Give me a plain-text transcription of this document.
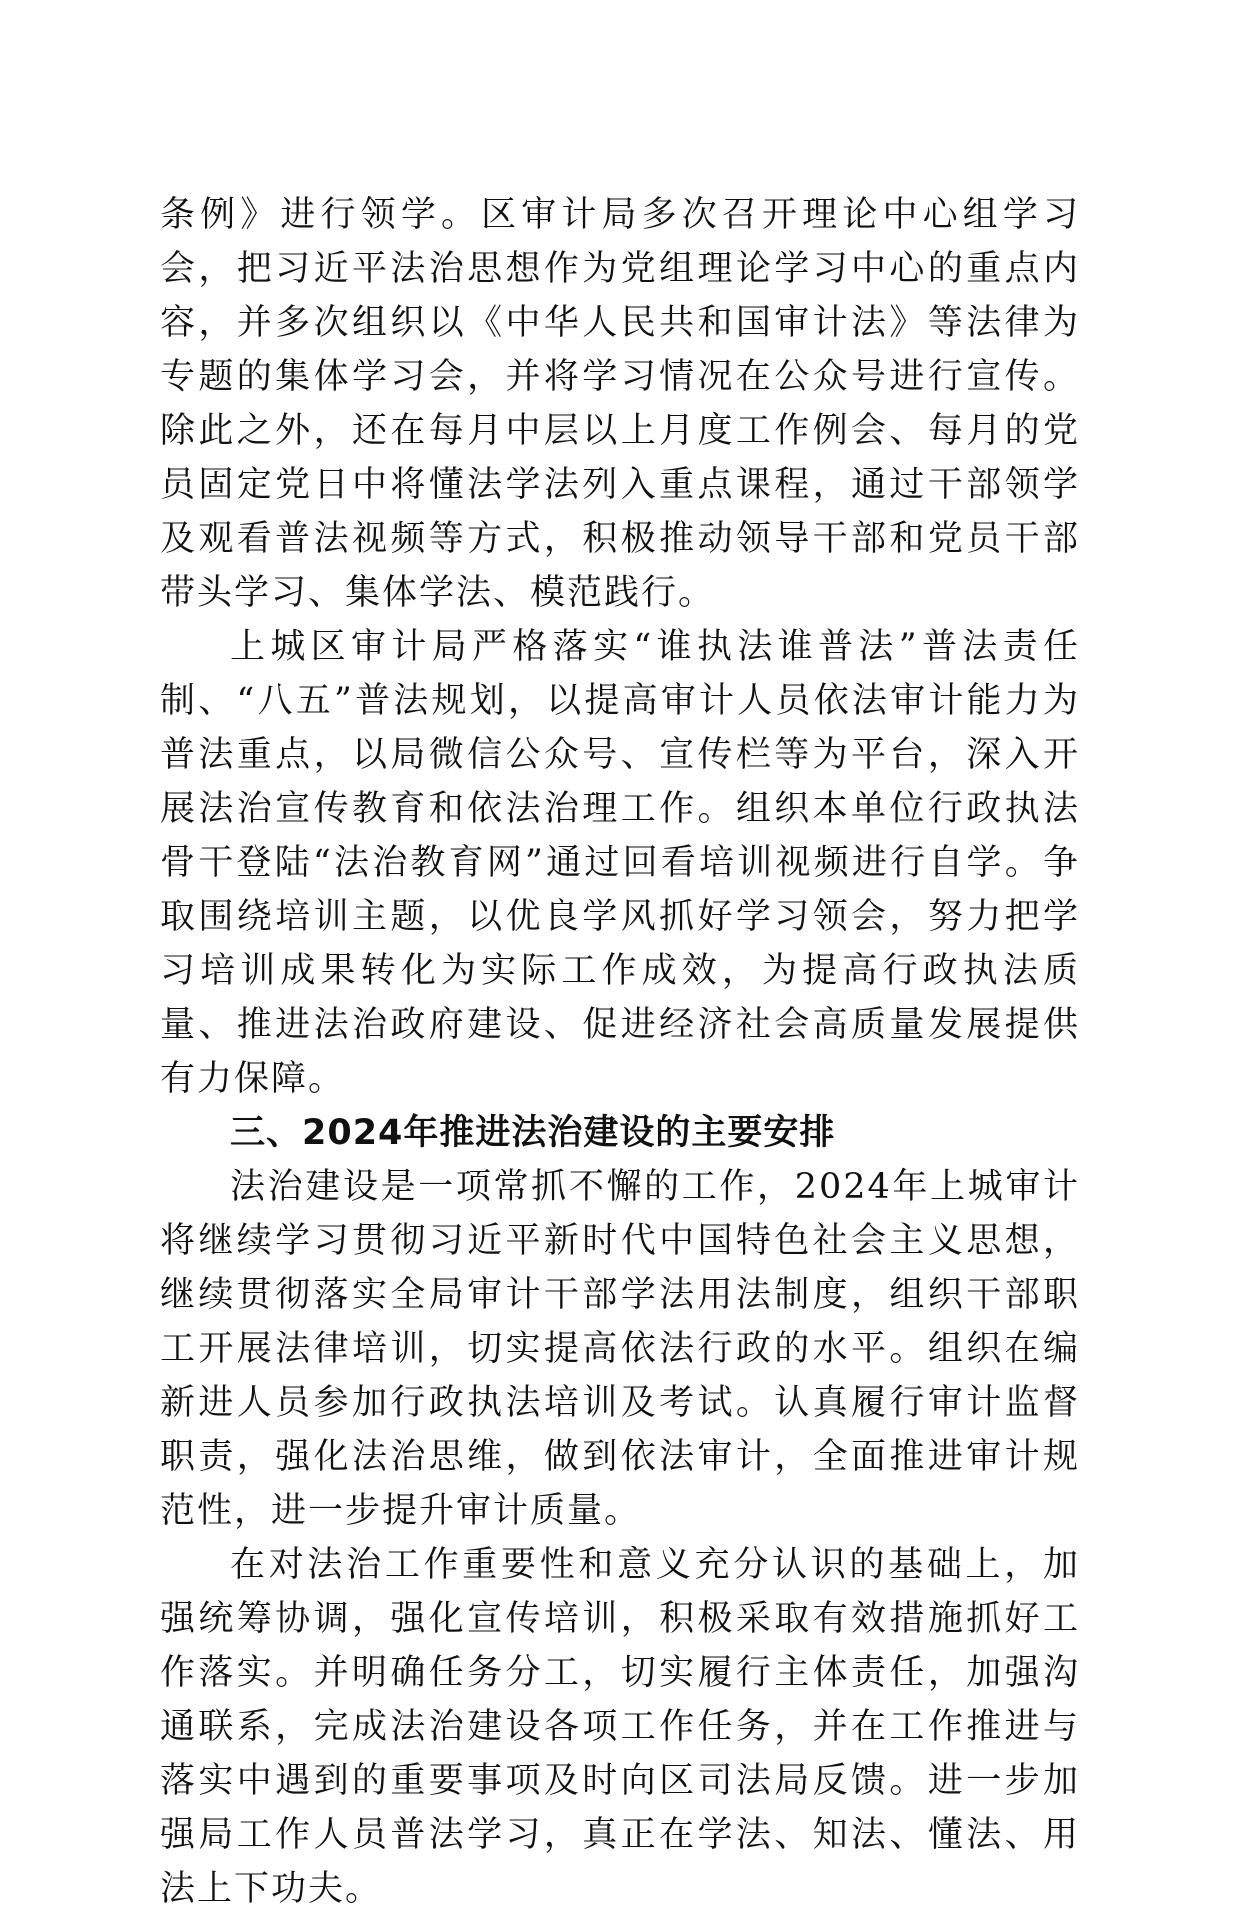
条例》进行领学。区审计局多次召开理论中心组学习会，把习近平法治思想作为党组理论学习中心的重点内容，并多次组织以《中华人民共和国审计法》等法律为专题的集体学习会，并将学习情况在公众号进行宣传。除此之外，还在每月中层以上月度工作例会、每月的党员固定党日中将懂法学法列入重点课程，通过干部领学及观看普法视频等方式，积极推动领导干部和党员干部带头学习、集体学法、模范践行。

上城区审计局严格落实“谁执法谁普法”普法责任制、“八五”普法规划，以提高审计人员依法审计能力为普法重点，以局微信公众号、宣传栏等为平台，深入开展法治宣传教育和依法治理工作。组织本单位行政执法骨干登陆“法治教育网”通过回看培训视频进行自学。争取围绕培训主题，以优良学风抓好学习领会，努力把学习培训成果转化为实际工作成效，为提高行政执法质量、推进法治政府建设、促进经济社会高质量发展提供有力保障。

三、2024年推进法治建设的主要安排

法治建设是一项常抓不懈的工作，2024年上城审计将继续学习贯彻习近平新时代中国特色社会主义思想，继续贯彻落实全局审计干部学法用法制度，组织干部职工开展法律培训，切实提高依法行政的水平。组织在编新进人员参加行政执法培训及考试。认真履行审计监督职责，强化法治思维，做到依法审计，全面推进审计规范性，进一步提升审计质量。

在对法治工作重要性和意义充分认识的基础上，加强统筹协调，强化宣传培训，积极采取有效措施抓好工作落实。并明确任务分工，切实履行主体责任，加强沟通联系，完成法治建设各项工作任务，并在工作推进与落实中遇到的重要事项及时向区司法局反馈。进一步加强局工作人员普法学习，真正在学法、知法、懂法、用法上下功夫。
